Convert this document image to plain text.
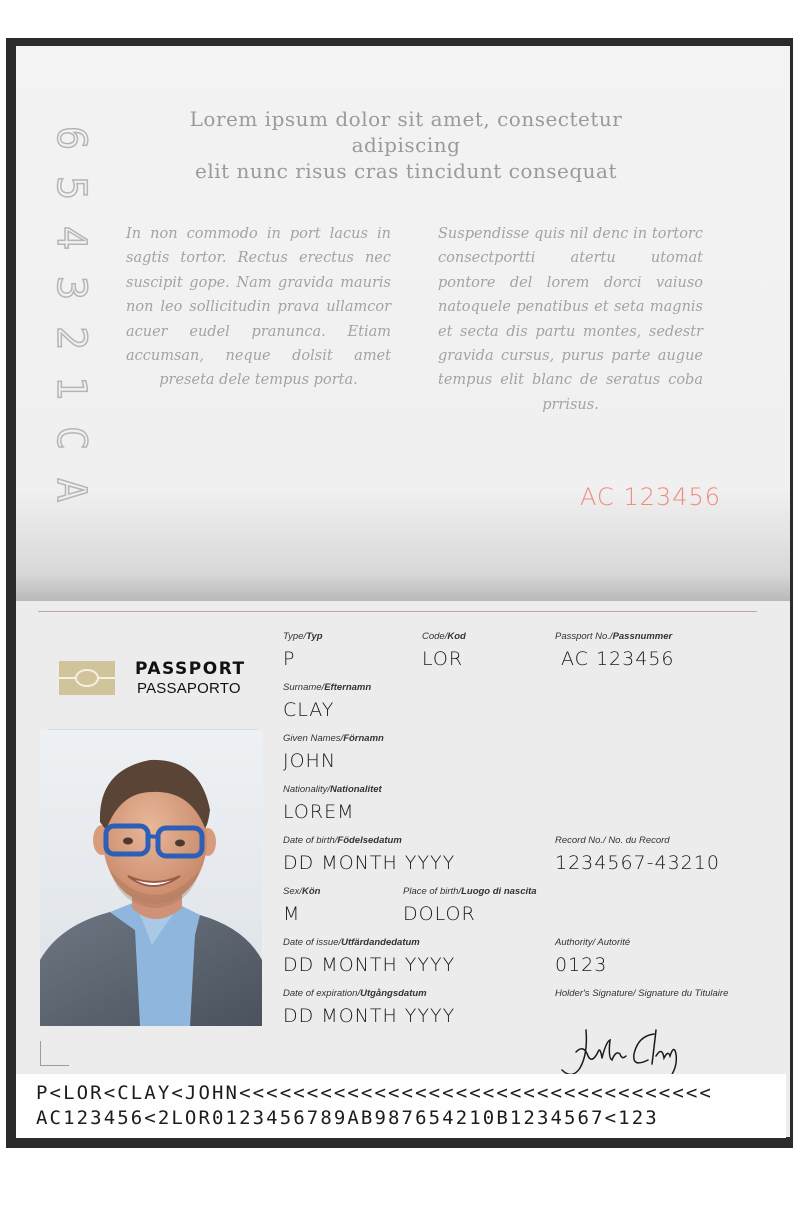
6
5
4
3
2
1
C
A
Lorem ipsum dolor sit amet, consectetur adipiscing
elit nunc risus cras tincidunt consequat
In non commodo in port lacus in sagtis tortor. Rectus erectus nec suscipit gope. Nam gravida mauris non leo sollicitudin prava ullamcor acuer eudel pranunca. Etiam accumsan, neque dolsit amet preseta dele tempus porta.
Suspendisse quis nil denc in tortorc consectportti atertu utomat pontore del lorem dorci vaiuso natoquele penatibus et seta magnis et secta dis partu montes, sedestr gravida cursus, purus parte augue tempus elit blanc de seratus coba prrisus.
AC 123456
PASSPORT
PASSAPORTO
Type/Typ
P
Code/Kod
LOR
Passport No./Passnummer
AC 123456
Surname/Efternamn
CLAY
Given Names/Förnamn
JOHN
Nationality/Nationalitet
LOREM
Date of birth/Födelsedatum
DD MONTH YYYY
Record No./ No. du Record
1234567-43210
Sex/Kön
M
Place of birth/Luogo di nascita
DOLOR
Date of issue/Utfärdandedatum
DD MONTH YYYY
Authority/ Autorité
0123
Date of expiration/Utgångsdatum
DD MONTH YYYY
Holder's Signature/ Signature du Titulaire
P<LOR<CLAY<JOHN<<<<<<<<<<<<<<<<<<<<<<<<<<<<<<<<<<<
AC123456<2LOR0123456789AB987654210B1234567<123
